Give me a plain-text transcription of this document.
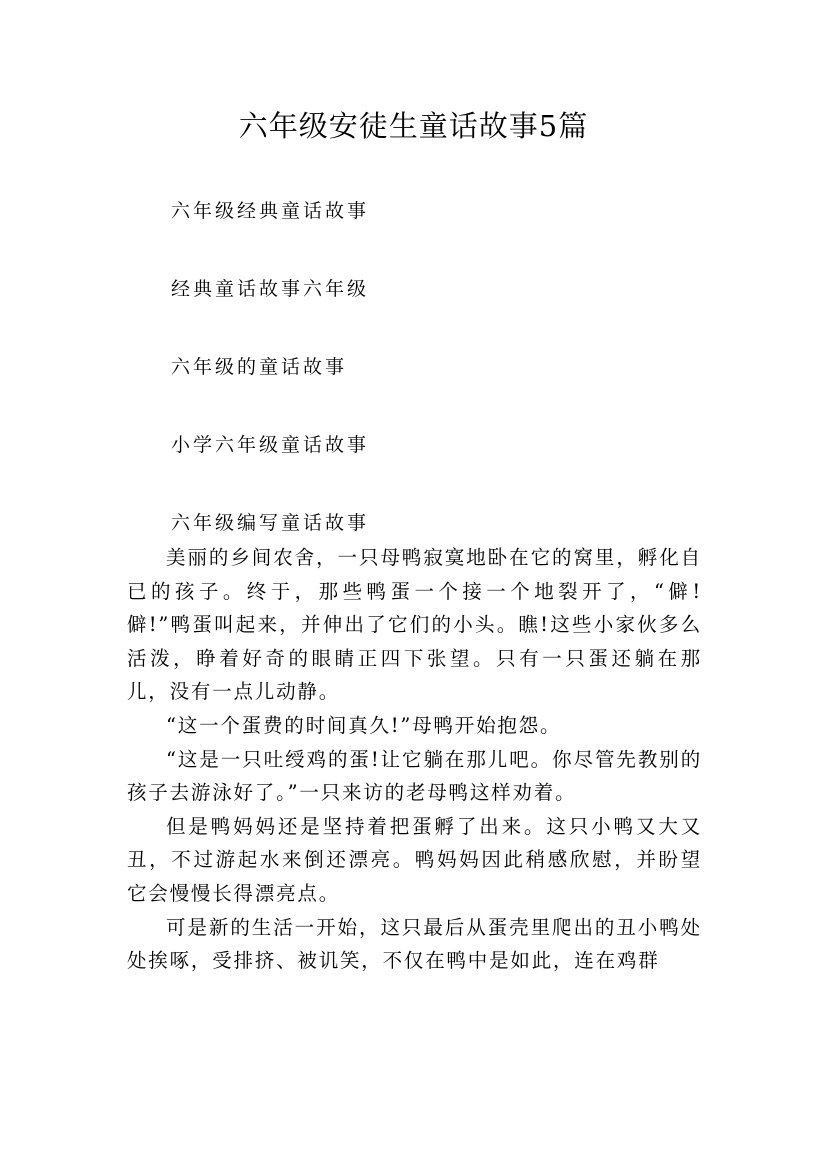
六年级安徒生童话故事5篇
六年级经典童话故事
经典童话故事六年级
六年级的童话故事
小学六年级童话故事
六年级编写童话故事

美丽的乡间农舍，一只母鸭寂寞地卧在它的窝里，孵化自已的孩子。终于，那些鸭蛋一个接一个地裂开了，“僻!僻!”鸭蛋叫起来，并伸出了它们的小头。瞧!这些小家伙多么活泼，睁着好奇的眼睛正四下张望。只有一只蛋还躺在那儿，没有一点儿动静。

“这一个蛋费的时间真久!”母鸭开始抱怨。

“这是一只吐绶鸡的蛋!让它躺在那儿吧。你尽管先教别的孩子去游泳好了。”一只来访的老母鸭这样劝着。

但是鸭妈妈还是坚持着把蛋孵了出来。这只小鸭又大又丑，不过游起水来倒还漂亮。鸭妈妈因此稍感欣慰，并盼望它会慢慢长得漂亮点。

可是新的生活一开始，这只最后从蛋壳里爬出的丑小鸭处处挨啄，受排挤、被讥笑，不仅在鸭中是如此，连在鸡群
